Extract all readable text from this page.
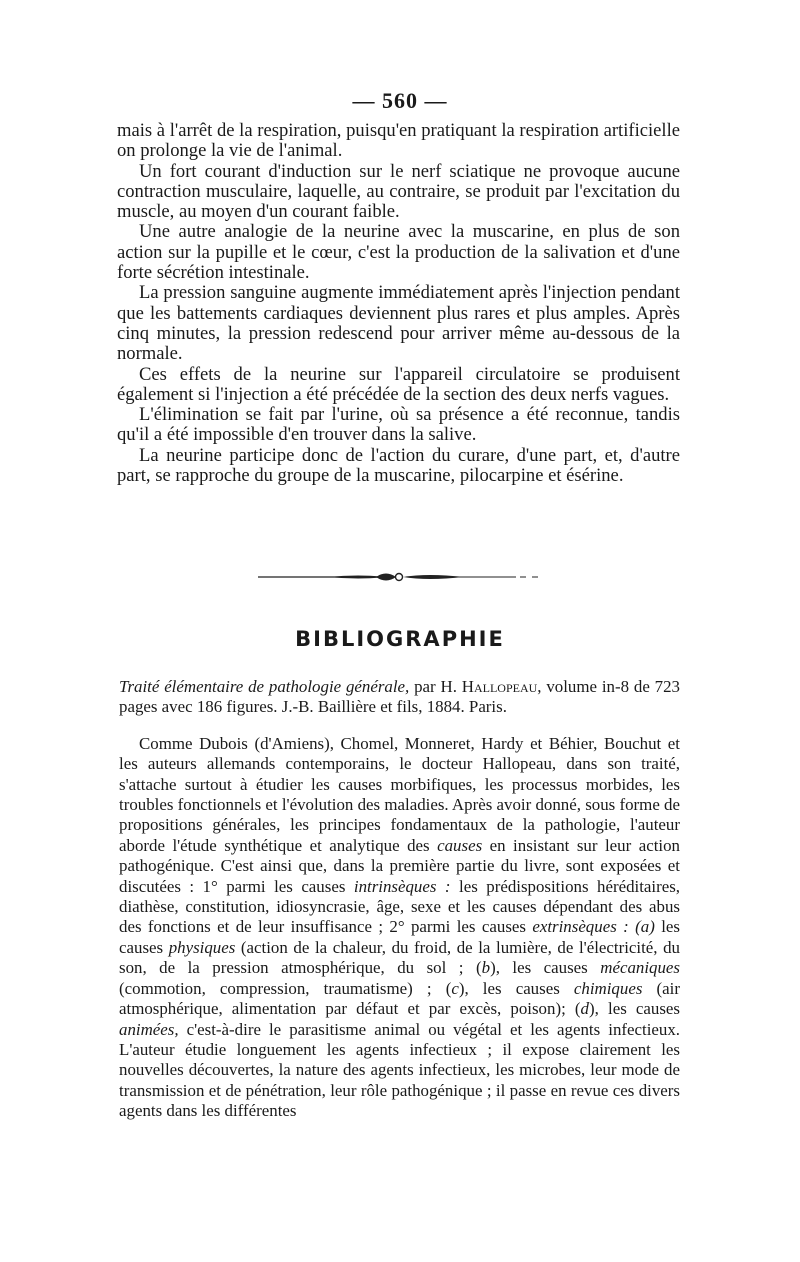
— 560 —

mais à l'arrêt de la respiration, puisqu'en pratiquant la respiration artificielle on prolonge la vie de l'animal.

Un fort courant d'induction sur le nerf sciatique ne provoque aucune contraction musculaire, laquelle, au contraire, se produit par l'excitation du muscle, au moyen d'un courant faible.

Une autre analogie de la neurine avec la muscarine, en plus de son action sur la pupille et le cœur, c'est la production de la salivation et d'une forte sécrétion intestinale.

La pression sanguine augmente immédiatement après l'injection pendant que les battements cardiaques deviennent plus rares et plus amples. Après cinq minutes, la pression redescend pour arriver même au-dessous de la normale.

Ces effets de la neurine sur l'appareil circulatoire se produisent également si l'injection a été précédée de la section des deux nerfs vagues.

L'élimination se fait par l'urine, où sa présence a été reconnue, tandis qu'il a été impossible d'en trouver dans la salive.

La neurine participe donc de l'action du curare, d'une part, et, d'autre part, se rapproche du groupe de la muscarine, pilocarpine et ésérine.

BIBLIOGRAPHIE

Traité élémentaire de pathologie générale, par H. Hallopeau, volume in-8 de 723 pages avec 186 figures. J.-B. Baillière et fils, 1884. Paris.

Comme Dubois (d'Amiens), Chomel, Monneret, Hardy et Béhier, Bouchut et les auteurs allemands contemporains, le docteur Hallopeau, dans son traité, s'attache surtout à étudier les causes morbifiques, les processus morbides, les troubles fonctionnels et l'évolution des maladies. Après avoir donné, sous forme de propositions générales, les principes fondamentaux de la pathologie, l'auteur aborde l'étude synthétique et analytique des causes en insistant sur leur action pathogénique. C'est ainsi que, dans la première partie du livre, sont exposées et discutées : 1° parmi les causes intrinsèques : les prédispositions héréditaires, diathèse, constitution, idiosyncrasie, âge, sexe et les causes dépendant des abus des fonctions et de leur insuffisance ; 2° parmi les causes extrinsèques : (a) les causes physiques (action de la chaleur, du froid, de la lumière, de l'électricité, du son, de la pression atmosphérique, du sol ; (b), les causes mécaniques (commotion, compression, traumatisme) ; (c), les causes chimiques (air atmosphérique, alimentation par défaut et par excès, poison); (d), les causes animées, c'est-à-dire le parasitisme animal ou végétal et les agents infectieux. L'auteur étudie longuement les agents infectieux ; il expose clairement les nouvelles découvertes, la nature des agents infectieux, les microbes, leur mode de transmission et de pénétration, leur rôle pathogénique ; il passe en revue ces divers agents dans les différentes
